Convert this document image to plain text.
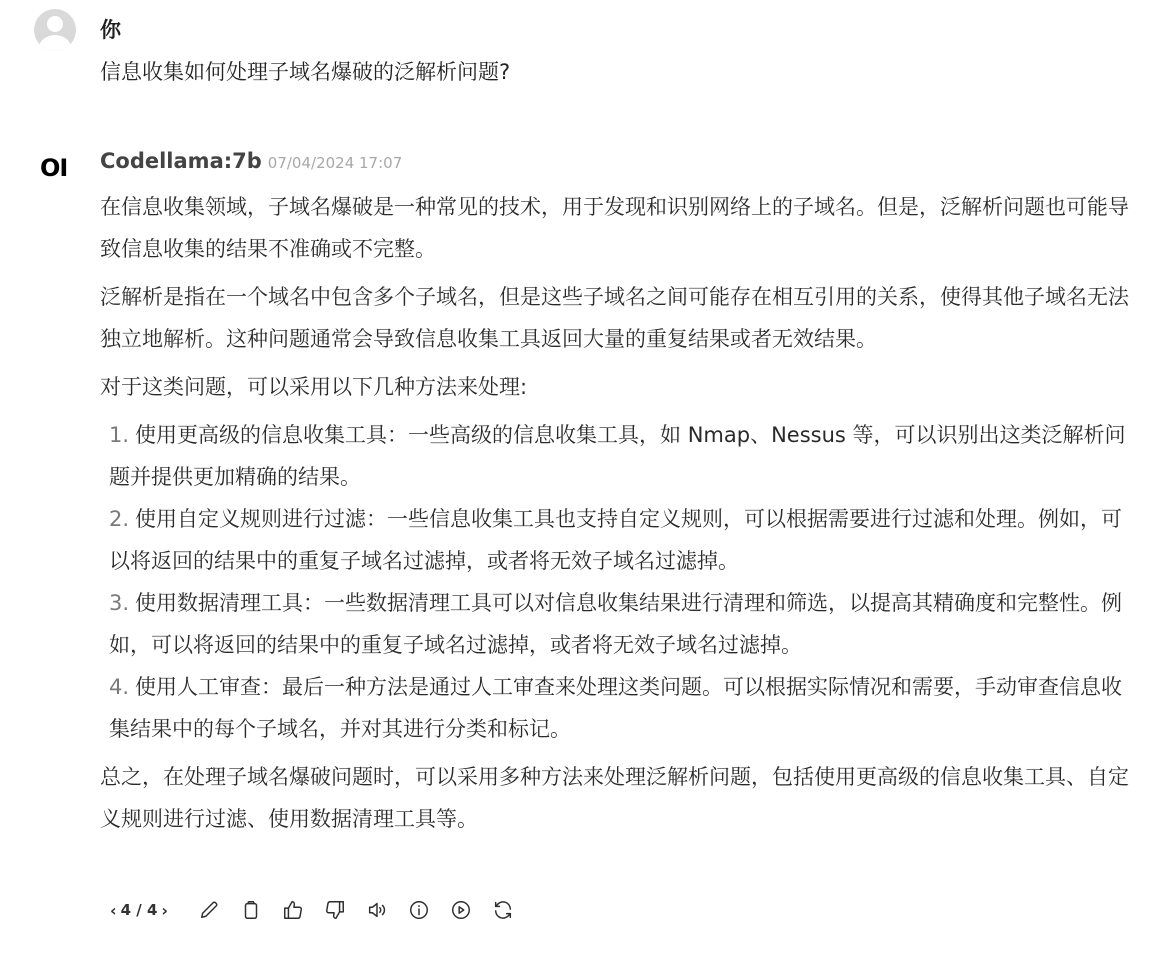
你
信息收集如何处理子域名爆破的泛解析问题?
OI Codellama:7b 07/04/2024 17:07

在信息收集领域，子域名爆破是一种常见的技术，用于发现和识别网络上的子域名。但是，泛解析问题也可能导致信息收集的结果不准确或不完整。

泛解析是指在一个域名中包含多个子域名，但是这些子域名之间可能存在相互引用的关系，使得其他子域名无法独立地解析。这种问题通常会导致信息收集工具返回大量的重复结果或者无效结果。

对于这类问题，可以采用以下几种方法来处理:

1. 使用更高级的信息收集工具：一些高级的信息收集工具，如 Nmap、Nessus 等，可以识别出这类泛解析问题并提供更加精确的结果。
2. 使用自定义规则进行过滤：一些信息收集工具也支持自定义规则，可以根据需要进行过滤和处理。例如，可以将返回的结果中的重复子域名过滤掉，或者将无效子域名过滤掉。
3. 使用数据清理工具：一些数据清理工具可以对信息收集结果进行清理和筛选，以提高其精确度和完整性。例如，可以将返回的结果中的重复子域名过滤掉，或者将无效子域名过滤掉。
4. 使用人工审查：最后一种方法是通过人工审查来处理这类问题。可以根据实际情况和需要，手动审查信息收集结果中的每个子域名，并对其进行分类和标记。

总之，在处理子域名爆破问题时，可以采用多种方法来处理泛解析问题，包括使用更高级的信息收集工具、自定义规则进行过滤、使用数据清理工具等。

‹ 4 / 4 ›
